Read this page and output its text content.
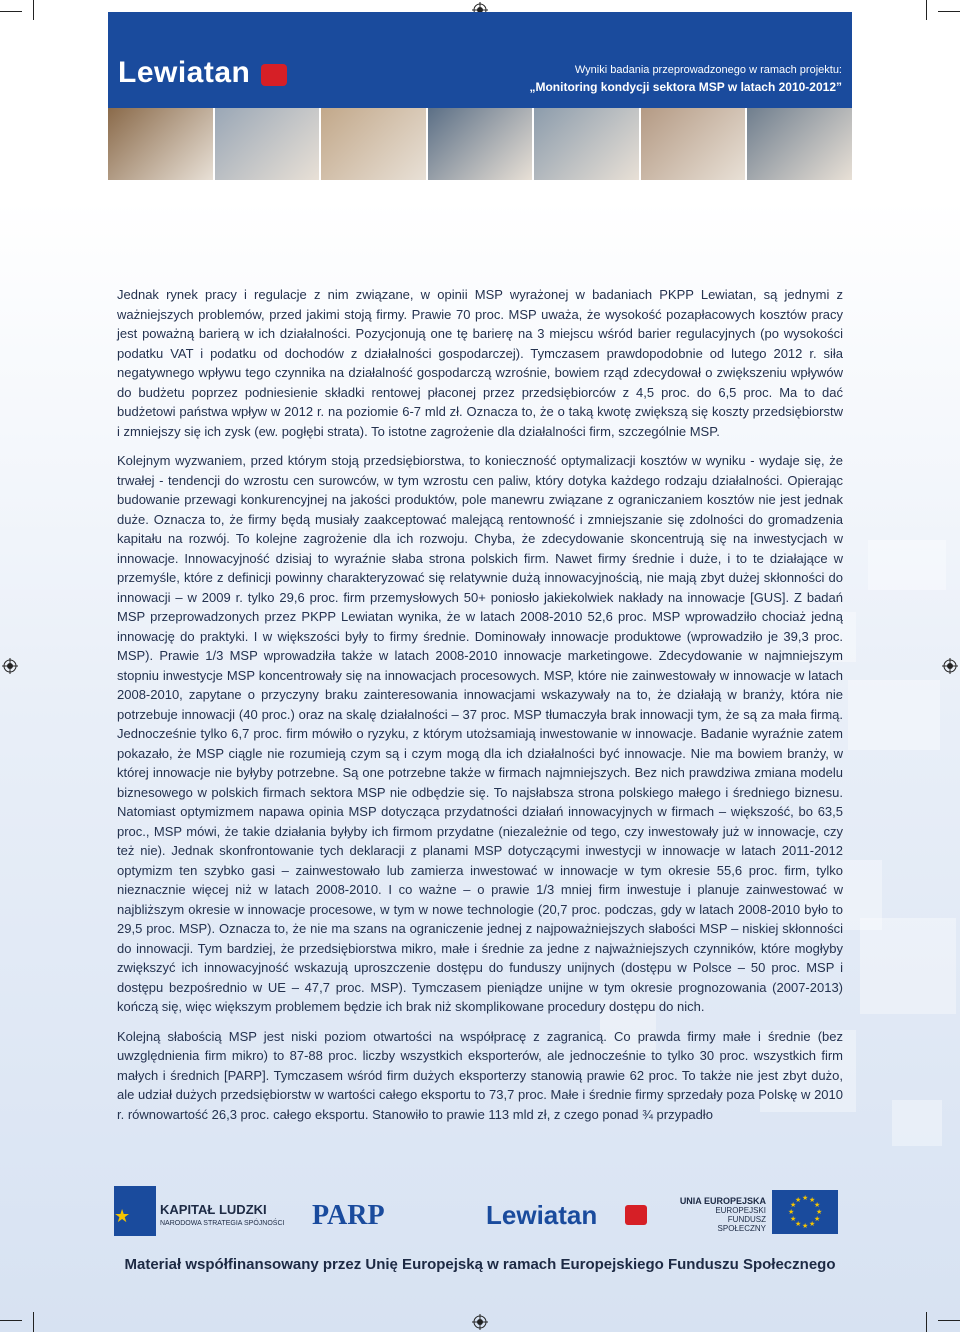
Lewiatan	Wyniki badania przeprowadzonego w ramach projektu:
„Monitoring kondycji sektora MSP w latach 2010-2012”

Jednak rynek pracy i regulacje z nim związane, w opinii MSP wyrażonej w badaniach PKPP Lewiatan, są jednymi z ważniejszych problemów, przed jakimi stoją firmy. Prawie 70 proc. MSP uważa, że wysokość pozapłacowych kosztów pracy jest poważną barierą w ich działalności. Pozycjonują one tę barierę na 3 miejscu wśród barier regulacyjnych (po wysokości podatku VAT i podatku od dochodów z działalności gospodarczej). Tymczasem prawdopodobnie od lutego 2012 r. siła negatywnego wpływu tego czynnika na działalność gospodarczą wzrośnie, bowiem rząd zdecydował o zwiększeniu wpływów do budżetu poprzez podniesienie składki rentowej płaconej przez przedsiębiorców z 4,5 proc. do 6,5 proc. Ma to dać budżetowi państwa wpływ w 2012 r. na poziomie 6-7 mld zł. Oznacza to, że o taką kwotę zwiększą się koszty przedsiębiorstw i zmniejszy się ich zysk (ew. pogłębi strata). To istotne zagrożenie dla działalności firm, szczególnie MSP.

Kolejnym wyzwaniem, przed którym stoją przedsiębiorstwa, to konieczność optymalizacji kosztów w wyniku - wydaje się, że trwałej - tendencji do wzrostu cen surowców, w tym wzrostu cen paliw, który dotyka każdego rodzaju działalności. Opierając budowanie przewagi konkurencyjnej na jakości produktów, pole manewru związane z ograniczaniem kosztów nie jest jednak duże. Oznacza to, że firmy będą musiały zaakceptować malejącą rentowność i zmniejszanie się zdolności do gromadzenia kapitału na rozwój. To kolejne zagrożenie dla ich rozwoju. Chyba, że zdecydowanie skoncentrują się na inwestycjach w innowacje. Innowacyjność dzisiaj to wyraźnie słaba strona polskich firm. Nawet firmy średnie i duże, i to te działające w przemyśle, które z definicji powinny charakteryzować się relatywnie dużą innowacyjnością, nie mają zbyt dużej skłonności do innowacji – w 2009 r. tylko 29,6 proc. firm przemysłowych 50+ poniosło jakiekolwiek nakłady na innowacje [GUS]. Z badań MSP przeprowadzonych przez PKPP Lewiatan wynika, że w latach 2008-2010 52,6 proc. MSP wprowadziło chociaż jedną innowację do praktyki. I w większości były to firmy średnie. Dominowały innowacje produktowe (wprowadziło je 39,3 proc. MSP). Prawie 1/3 MSP wprowadziła także w latach 2008-2010 innowacje marketingowe. Zdecydowanie w najmniejszym stopniu inwestycje MSP koncentrowały się na innowacjach procesowych. MSP, które nie zainwestowały w innowacje w latach 2008-2010, zapytane o przyczyny braku zainteresowania innowacjami wskazywały na to, że działają w branży, która nie potrzebuje innowacji (40 proc.) oraz na skalę działalności – 37 proc. MSP tłumaczyła brak innowacji tym, że są za mała firmą. Jednocześnie tylko 6,7 proc. firm mówiło o ryzyku, z którym utożsamiają inwestowanie w innowacje. Badanie wyraźnie zatem pokazało, że MSP ciągle nie rozumieją czym są i czym mogą dla ich działalności być innowacje. Nie ma bowiem branży, w której innowacje nie byłyby potrzebne. Są one potrzebne także w firmach najmniejszych. Bez nich prawdziwa zmiana modelu biznesowego w polskich firmach sektora MSP nie odbędzie się. To najsłabsza strona polskiego małego i średniego biznesu. Natomiast optymizmem napawa opinia MSP dotycząca przydatności działań innowacyjnych w firmach – większość, bo 63,5 proc., MSP mówi, że takie działania byłyby ich firmom przydatne (niezależnie od tego, czy inwestowały już w innowacje, czy też nie). Jednak skonfrontowanie tych deklaracji z planami MSP dotyczącymi inwestycji w innowacje w latach 2011-2012 optymizm ten szybko gasi – zainwestowało lub zamierza inwestować w innowacje w tym okresie 55,6 proc. firm, tylko nieznacznie więcej niż w latach 2008-2010. I co ważne – o prawie 1/3 mniej firm inwestuje i planuje zainwestować w najbliższym okresie w innowacje procesowe, w tym w nowe technologie (20,7 proc. podczas, gdy w latach 2008-2010 było to 29,5 proc. MSP). Oznacza to, że nie ma szans na ograniczenie jednej z najpoważniejszych słabości MSP – niskiej skłonności do innowacji. Tym bardziej, że przedsiębiorstwa mikro, małe i średnie za jedne z najważniejszych czynników, które mogłyby zwiększyć ich innowacyjność wskazują uproszczenie dostępu do funduszy unijnych (dostępu w Polsce – 50 proc. MSP i dostępu bezpośrednio w UE – 47,7 proc. MSP). Tymczasem pieniądze unijne w tym okresie prognozowania (2007-2013) kończą się, więc większym problemem będzie ich brak niż skomplikowane procedury dostępu do nich.

Kolejną słabością MSP jest niski poziom otwartości na współpracę z zagranicą. Co prawda firmy małe i średnie (bez uwzględnienia firm mikro) to 87-88 proc. liczby wszystkich eksporterów, ale jednocześnie to tylko 30 proc. wszystkich firm małych i średnich [PARP]. Tymczasem wśród firm dużych eksporterzy stanowią prawie 62 proc. To także nie jest zbyt dużo, ale udział dużych przedsiębiorstw w wartości całego eksportu to 73,7 proc. Małe i średnie firmy sprzedały poza Polskę w 2010 r. równowartość 26,3 proc. całego eksportu. Stanowiło to prawie 113 mld zł, z czego ponad ¾ przypadło

★ KAPITAŁ LUDZKI
NARODOWA STRATEGIA SPÓJNOŚCI PARP	Lewiatan	UNIA EUROPEJSKA
EUROPEJSKI
FUNDUSZ SPOŁECZNY
★ ★
★
★
★
★
★
★
★
★
★
★
Materiał współfinansowany przez Unię Europejską w ramach Europejskiego Funduszu Społecznego
